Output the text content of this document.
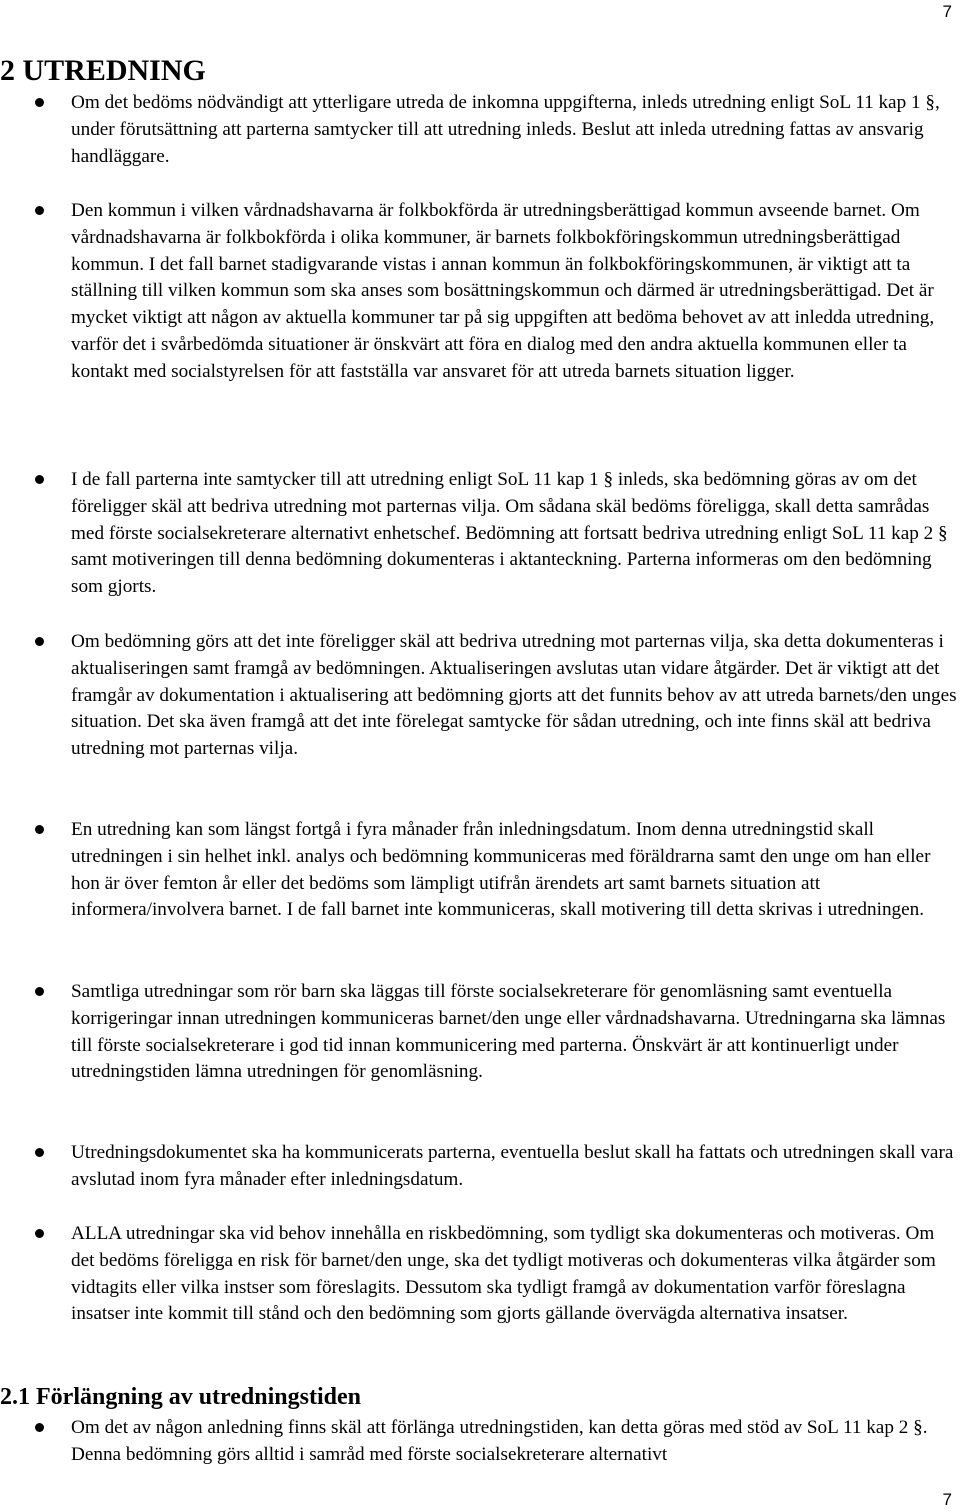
7
2 UTREDNING
Om det bedöms nödvändigt att ytterligare utreda de inkomna uppgifterna, inleds utredning enligt SoL 11 kap 1 §, under förutsättning att parterna samtycker till att utredning inleds. Beslut att inleda utredning fattas av ansvarig handläggare.
Den kommun i vilken vårdnadshavarna är folkbokförda är utredningsberättigad kommun avseende barnet. Om vårdnadshavarna är folkbokförda i olika kommuner, är barnets folkbokföringskommun utredningsberättigad kommun. I det fall barnet stadigvarande vistas i annan kommun än folkbokföringskommunen, är viktigt att ta ställning till vilken kommun som ska anses som bosättningskommun och därmed är utredningsberättigad. Det är mycket viktigt att någon av aktuella kommuner tar på sig uppgiften att bedöma behovet av att inledda utredning, varför det i svårbedömda situationer är önskvärt att föra en dialog med den andra aktuella kommunen eller ta kontakt med socialstyrelsen för att fastställa var ansvaret för att utreda barnets situation ligger.
I de fall parterna inte samtycker till att utredning enligt SoL 11 kap 1 § inleds, ska bedömning göras av om det föreligger skäl att bedriva utredning mot parternas vilja. Om sådana skäl bedöms föreligga, skall detta samrådas med förste socialsekreterare alternativt enhetschef. Bedömning att fortsatt bedriva utredning enligt SoL 11 kap 2 § samt motiveringen till denna bedömning dokumenteras i aktanteckning. Parterna informeras om den bedömning som gjorts.
Om bedömning görs att det inte föreligger skäl att bedriva utredning mot parternas vilja, ska detta dokumenteras i aktualiseringen samt framgå av bedömningen. Aktualiseringen avslutas utan vidare åtgärder. Det är viktigt att det framgår av dokumentation i aktualisering att bedömning gjorts att det funnits behov av att utreda barnets/den unges situation. Det ska även framgå att det inte förelegat samtycke för sådan utredning, och inte finns skäl att bedriva utredning mot parternas vilja.
En utredning kan som längst fortgå i fyra månader från inledningsdatum. Inom denna utredningstid skall utredningen i sin helhet inkl. analys och bedömning kommuniceras med föräldrarna samt den unge om han eller hon är över femton år eller det bedöms som lämpligt utifrån ärendets art samt barnets situation att informera/involvera barnet. I de fall barnet inte kommuniceras, skall motivering till detta skrivas i utredningen.
Samtliga utredningar som rör barn ska läggas till förste socialsekreterare för genomläsning samt eventuella korrigeringar innan utredningen kommuniceras barnet/den unge eller vårdnadshavarna. Utredningarna ska lämnas till förste socialsekreterare i god tid innan kommunicering med parterna. Önskvärt är att kontinuerligt under utredningstiden lämna utredningen för genomläsning.
Utredningsdokumentet ska ha kommunicerats parterna, eventuella beslut skall ha fattats och utredningen skall vara avslutad inom fyra månader efter inledningsdatum.
ALLA utredningar ska vid behov innehålla en riskbedömning, som tydligt ska dokumenteras och motiveras. Om det bedöms föreligga en risk för barnet/den unge, ska det tydligt motiveras och dokumenteras vilka åtgärder som vidtagits eller vilka instser som föreslagits. Dessutom ska tydligt framgå av dokumentation varför föreslagna insatser inte kommit till stånd och den bedömning som gjorts gällande övervägda alternativa insatser.
2.1 Förlängning av utredningstiden
Om det av någon anledning finns skäl att förlänga utredningstiden, kan detta göras med stöd av SoL 11 kap 2 §. Denna bedömning görs alltid i samråd med förste socialsekreterare alternativt
7
